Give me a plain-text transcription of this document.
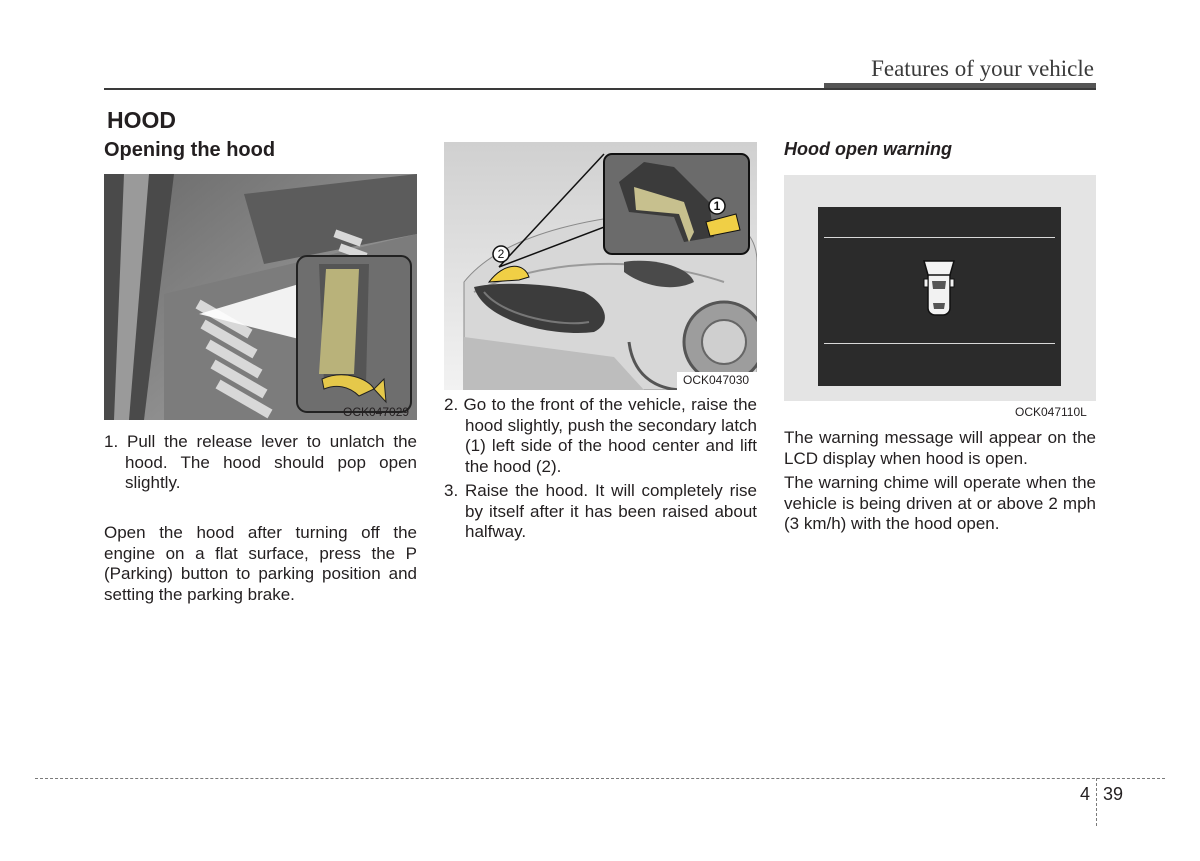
Features of your vehicle
HOOD
Opening the hood	Hood open warning
OCK047029
1
2
OCK047030
OCK047110L
1. Pull the release lever to unlatch the hood. The hood should pop open slightly.
Open the hood after turning off the engine on a flat surface, press the P (Parking) button to parking position and setting the parking brake.
2. Go to the front of the vehicle, raise the hood slightly, push the secondary latch (1) left side of the hood center and lift the hood (2).
3. Raise the hood. It will completely rise by itself after it has been raised about halfway.
The warning message will appear on the LCD display when hood is open.
The warning chime will operate when the vehicle is being driven at or above 2 mph (3 km/h) with the hood open.
4 39
